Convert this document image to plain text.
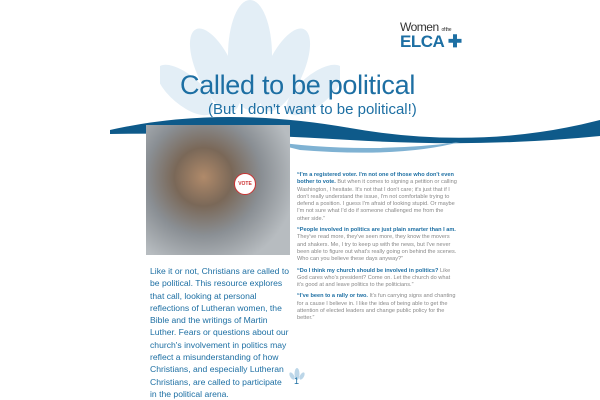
Women of the
ELCA ✚
Called to be political
(But I don't want to be political!)
VOTE
Like it or not, Christians are called to be political. This resource explores that call, looking at personal reflections of Lutheran women, the Bible and the writings of Martin Luther. Fears or questions about our church's involvement in politics may reflect a misunderstanding of how Christians, and especially Lutheran Christians, are called to participate in the political arena.

“I'm a registered voter. I'm not one of those who don't even bother to vote. But when it comes to signing a petition or calling Washington, I hesitate. It's not that I don't care; it's just that if I don't really understand the issue, I'm not comfortable trying to defend a position. I guess I'm afraid of looking stupid. Or maybe I'm not sure what I'd do if someone challenged me from the other side.”

“People involved in politics are just plain smarter than I am. They've read more, they've seen more, they know the movers and shakers. Me, I try to keep up with the news, but I've never been able to figure out what's really going on behind the scenes. Who can you believe these days anyway?”

“Do I think my church should be involved in politics? Like God cares who's president? Come on. Let the church do what it's good at and leave politics to the politicians.”

“I've been to a rally or two. It's fun carrying signs and chanting for a cause I believe in. I like the idea of being able to get the attention of elected leaders and change public policy for the better.”

1
